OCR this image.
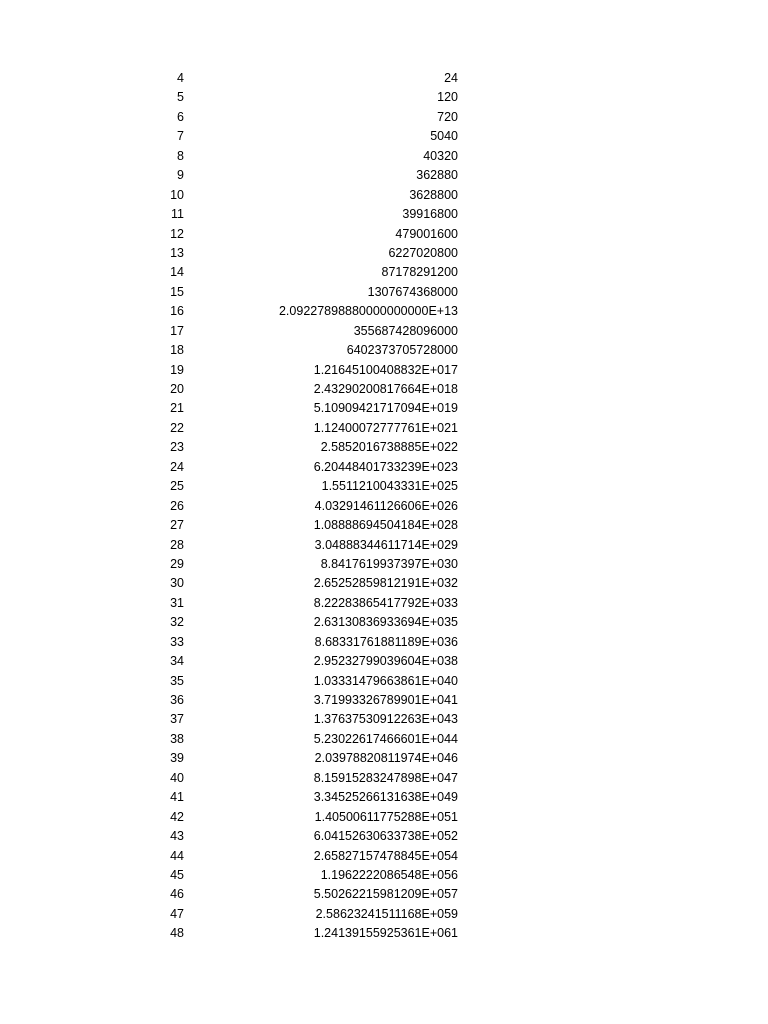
4	24
5	120
6	720
7	5040
8	40320
9	362880
10	3628800
11	39916800
12	479001600
13	6227020800
14	87178291200
15	1307674368000
16	2.09227898880000000000E+13
17	355687428096000
18	6402373705728000
19	1.21645100408832E+017
20	2.43290200817664E+018
21	5.10909421717094E+019
22	1.12400072777761E+021
23	2.5852016738885E+022
24	6.20448401733239E+023
25	1.5511210043331E+025
26	4.03291461126606E+026
27	1.08888694504184E+028
28	3.04888344611714E+029
29	8.8417619937397E+030
30	2.65252859812191E+032
31	8.22283865417792E+033
32	2.63130836933694E+035
33	8.68331761881189E+036
34	2.95232799039604E+038
35	1.03331479663861E+040
36	3.71993326789901E+041
37	1.37637530912263E+043
38	5.23022617466601E+044
39	2.03978820811974E+046
40	8.15915283247898E+047
41	3.34525266131638E+049
42	1.40500611775288E+051
43	6.04152630633738E+052
44	2.65827157478845E+054
45	1.1962222086548E+056
46	5.50262215981209E+057
47	2.58623241511168E+059
48	1.24139155925361E+061
